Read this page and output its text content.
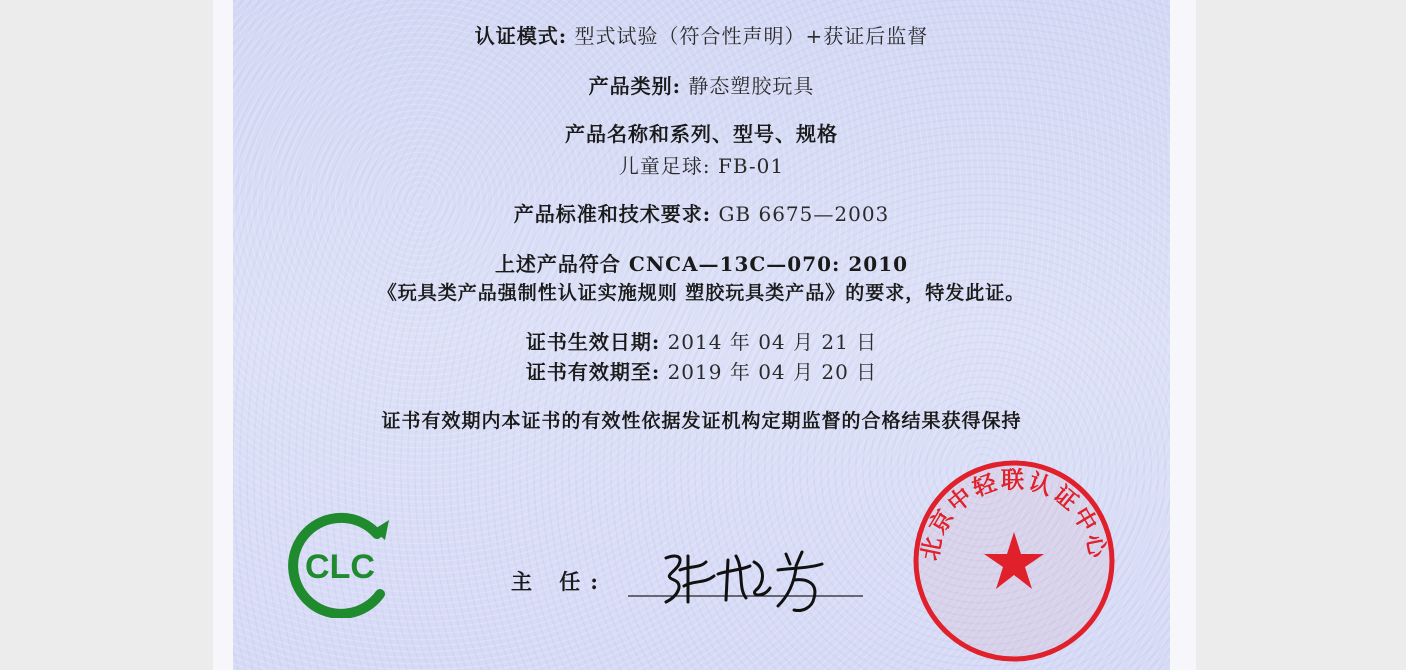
认证模式: 型式试验（符合性声明）+获证后监督
产品类别: 静态塑胶玩具
产品名称和系列、型号、规格
儿童足球: FB-01
产品标准和技术要求: GB 6675—2003
上述产品符合 CNCA—13C—070: 2010
《玩具类产品强制性认证实施规则 塑胶玩具类产品》的要求，特发此证。
证书生效日期: 2014 年 04 月 21 日
证书有效期至: 2019 年 04 月 20 日
证书有效期内本证书的有效性依据发证机构定期监督的合格结果获得保持
CLC	主 任:
北京中轻联认证中心
